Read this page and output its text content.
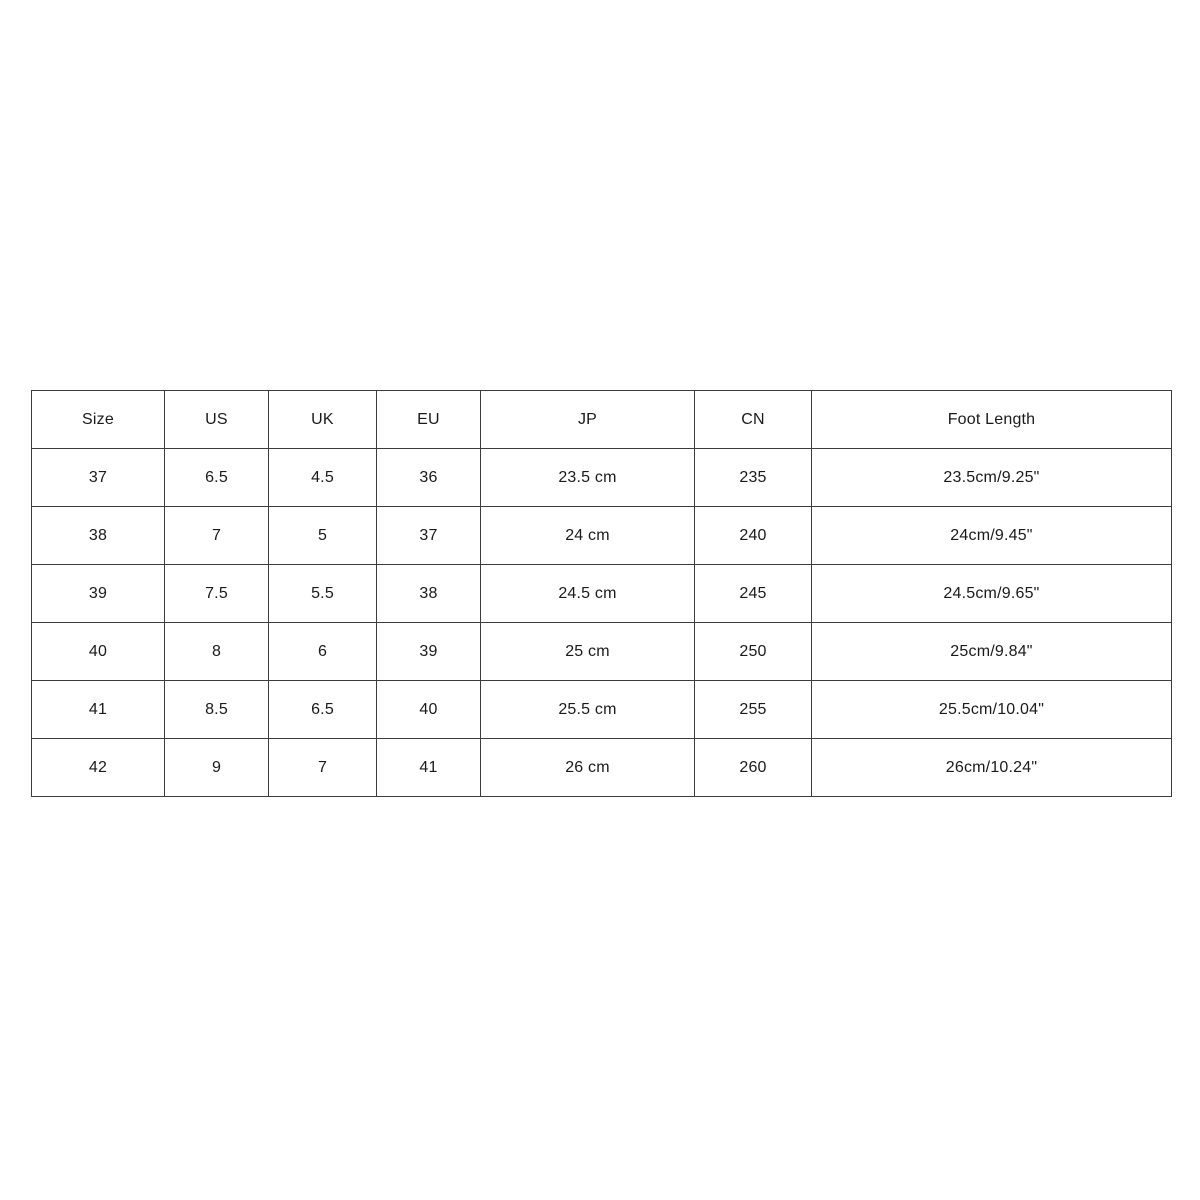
Size	US	UK	EU	JP	CN	Foot Length
37	6.5	4.5	36	23.5 cm	235	23.5cm/9.25"
38	7	5	37	24 cm	240	24cm/9.45"
39	7.5	5.5	38	24.5 cm	245	24.5cm/9.65"
40	8	6	39	25 cm	250	25cm/9.84"
41	8.5	6.5	40	25.5 cm	255	25.5cm/10.04"
42	9	7	41	26 cm	260	26cm/10.24"
